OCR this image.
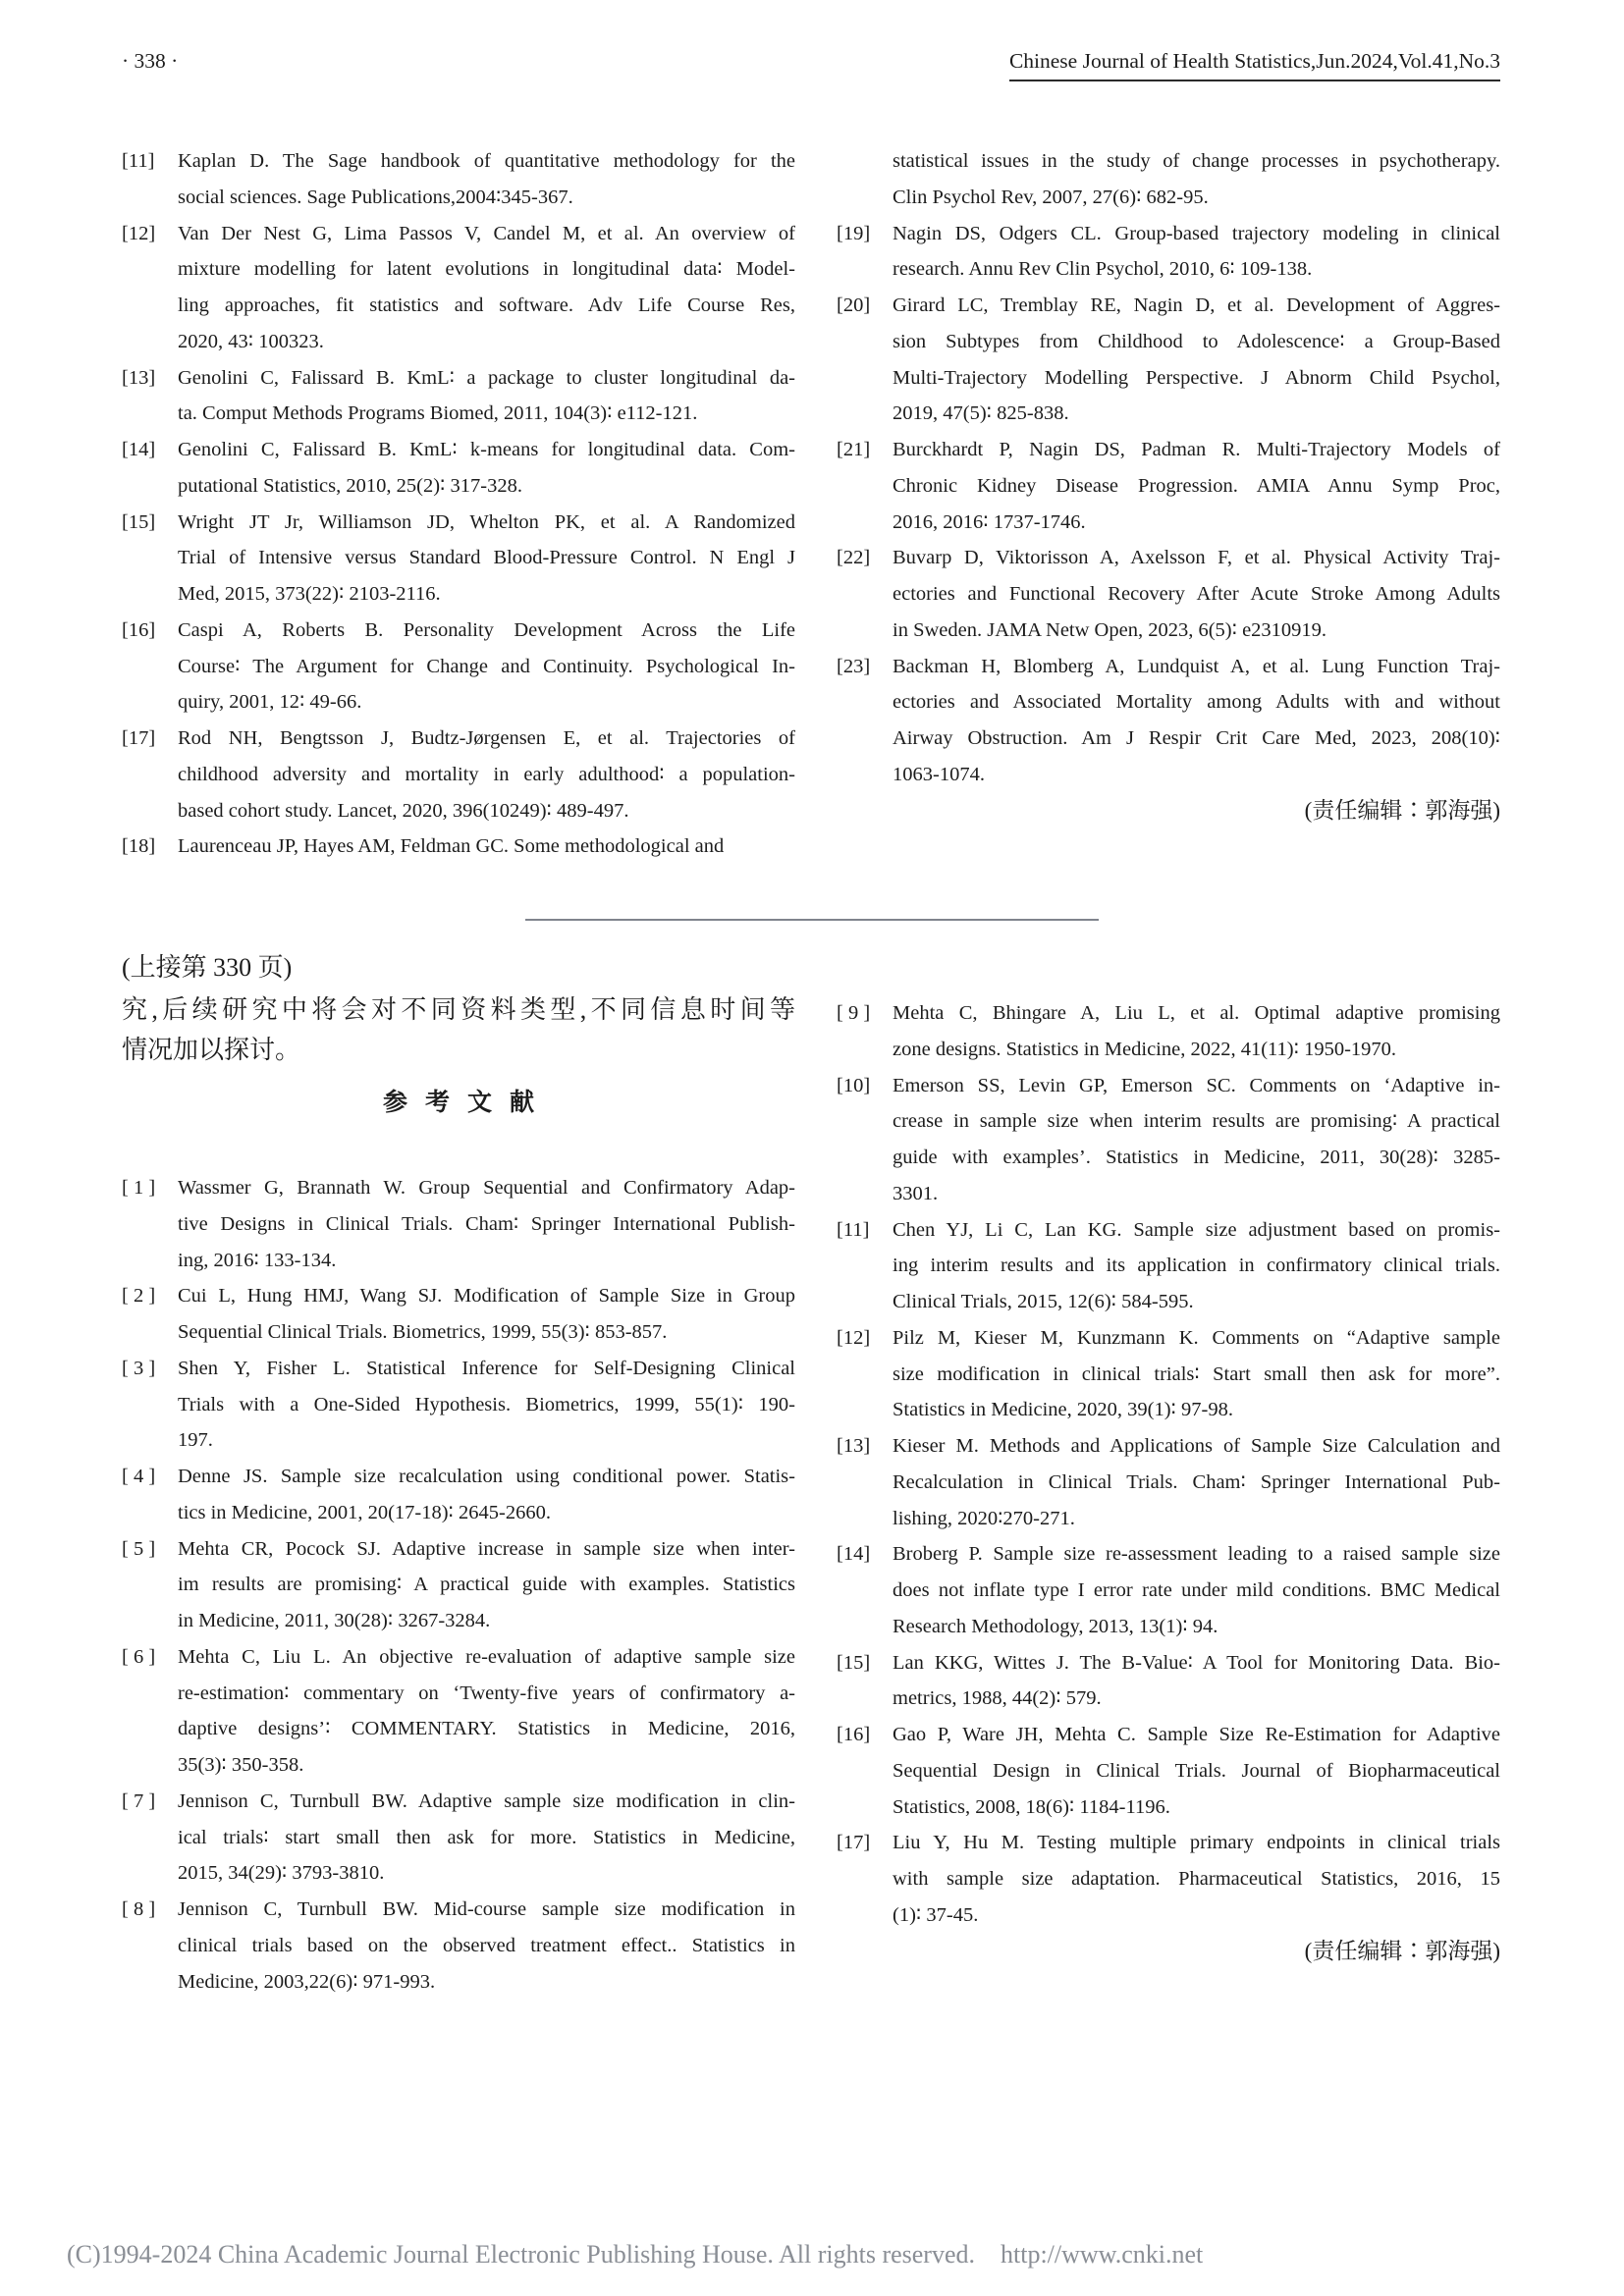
· 338 ·	Chinese Journal of Health Statistics,Jun.2024,Vol.41,No.3
[11]	Kaplan D. The Sage handbook of quantitative methodology for the
social sciences. Sage Publications,2004∶345-367.
[12]	Van Der Nest G, Lima Passos V, Candel M, et al. An overview of
mixture modelling for latent evolutions in longitudinal data∶ Model-
ling approaches, fit statistics and software. Adv Life Course Res,
2020, 43∶ 100323.
[13]	Genolini C, Falissard B. KmL∶ a package to cluster longitudinal da-
ta. Comput Methods Programs Biomed, 2011, 104(3)∶ e112-121.
[14]	Genolini C, Falissard B. KmL∶ k-means for longitudinal data. Com-
putational Statistics, 2010, 25(2)∶ 317-328.
[15]	Wright JT Jr, Williamson JD, Whelton PK, et al. A Randomized
Trial of Intensive versus Standard Blood-Pressure Control. N Engl J
Med, 2015, 373(22)∶ 2103-2116.
[16]	Caspi A, Roberts B. Personality Development Across the Life
Course∶ The Argument for Change and Continuity. Psychological In-
quiry, 2001, 12∶ 49-66.
[17]	Rod NH, Bengtsson J, Budtz-Jørgensen E, et al. Trajectories of
childhood adversity and mortality in early adulthood∶ a population-
based cohort study. Lancet, 2020, 396(10249)∶ 489-497.
[18]	Laurenceau JP, Hayes AM, Feldman GC. Some methodological and
statistical issues in the study of change processes in psychotherapy.
Clin Psychol Rev, 2007, 27(6)∶ 682-95.
[19]	Nagin DS, Odgers CL. Group-based trajectory modeling in clinical
research. Annu Rev Clin Psychol, 2010, 6∶ 109-138.
[20]	Girard LC, Tremblay RE, Nagin D, et al. Development of Aggres-
sion Subtypes from Childhood to Adolescence∶ a Group-Based
Multi-Trajectory Modelling Perspective. J Abnorm Child Psychol,
2019, 47(5)∶ 825-838.
[21]	Burckhardt P, Nagin DS, Padman R. Multi-Trajectory Models of
Chronic Kidney Disease Progression. AMIA Annu Symp Proc,
2016, 2016∶ 1737-1746.
[22]	Buvarp D, Viktorisson A, Axelsson F, et al. Physical Activity Traj-
ectories and Functional Recovery After Acute Stroke Among Adults
in Sweden. JAMA Netw Open, 2023, 6(5)∶ e2310919.
[23]	Backman H, Blomberg A, Lundquist A, et al. Lung Function Traj-
ectories and Associated Mortality among Adults with and without
Airway Obstruction. Am J Respir Crit Care Med, 2023, 208(10)∶
1063-1074.
(责任编辑∶郭海强)
(上接第 330 页)
究,后续研究中将会对不同资料类型,不同信息时间等
情况加以探讨。
参考文献
[ 1 ]	Wassmer G, Brannath W. Group Sequential and Confirmatory Adap-
tive Designs in Clinical Trials. Cham∶ Springer International Publish-
ing, 2016∶ 133-134.
[ 2 ]	Cui L, Hung HMJ, Wang SJ. Modification of Sample Size in Group
Sequential Clinical Trials. Biometrics, 1999, 55(3)∶ 853-857.
[ 3 ]	Shen Y, Fisher L. Statistical Inference for Self-Designing Clinical
Trials with a One-Sided Hypothesis. Biometrics, 1999, 55(1)∶ 190-
197.
[ 4 ]	Denne JS. Sample size recalculation using conditional power. Statis-
tics in Medicine, 2001, 20(17-18)∶ 2645-2660.
[ 5 ]	Mehta CR, Pocock SJ. Adaptive increase in sample size when inter-
im results are promising∶ A practical guide with examples. Statistics
in Medicine, 2011, 30(28)∶ 3267-3284.
[ 6 ]	Mehta C, Liu L. An objective re-evaluation of adaptive sample size
re-estimation∶ commentary on ‘Twenty-five years of confirmatory a-
daptive designs’∶ COMMENTARY. Statistics in Medicine, 2016,
35(3)∶ 350-358.
[ 7 ]	Jennison C, Turnbull BW. Adaptive sample size modification in clin-
ical trials∶ start small then ask for more. Statistics in Medicine,
2015, 34(29)∶ 3793-3810.
[ 8 ]	Jennison C, Turnbull BW. Mid-course sample size modification in
clinical trials based on the observed treatment effect.. Statistics in
Medicine, 2003,22(6)∶ 971-993.
[ 9 ]	Mehta C, Bhingare A, Liu L, et al. Optimal adaptive promising
zone designs. Statistics in Medicine, 2022, 41(11)∶ 1950-1970.
[10]	Emerson SS, Levin GP, Emerson SC. Comments on ‘Adaptive in-
crease in sample size when interim results are promising∶ A practical
guide with examples’. Statistics in Medicine, 2011, 30(28)∶ 3285-
3301.
[11]	Chen YJ, Li C, Lan KG. Sample size adjustment based on promis-
ing interim results and its application in confirmatory clinical trials.
Clinical Trials, 2015, 12(6)∶ 584-595.
[12]	Pilz M, Kieser M, Kunzmann K. Comments on “Adaptive sample
size modification in clinical trials∶ Start small then ask for more”.
Statistics in Medicine, 2020, 39(1)∶ 97-98.
[13]	Kieser M. Methods and Applications of Sample Size Calculation and
Recalculation in Clinical Trials. Cham∶ Springer International Pub-
lishing, 2020∶270-271.
[14]	Broberg P. Sample size re-assessment leading to a raised sample size
does not inflate type I error rate under mild conditions. BMC Medical
Research Methodology, 2013, 13(1)∶ 94.
[15]	Lan KKG, Wittes J. The B-Value∶ A Tool for Monitoring Data. Bio-
metrics, 1988, 44(2)∶ 579.
[16]	Gao P, Ware JH, Mehta C. Sample Size Re-Estimation for Adaptive
Sequential Design in Clinical Trials. Journal of Biopharmaceutical
Statistics, 2008, 18(6)∶ 1184-1196.
[17]	Liu Y, Hu M. Testing multiple primary endpoints in clinical trials
with sample size adaptation. Pharmaceutical Statistics, 2016, 15
(1)∶ 37-45.
(责任编辑∶郭海强)

(C)1994-2024 China Academic Journal Electronic Publishing House. All rights reserved.    http://www.cnki.net
